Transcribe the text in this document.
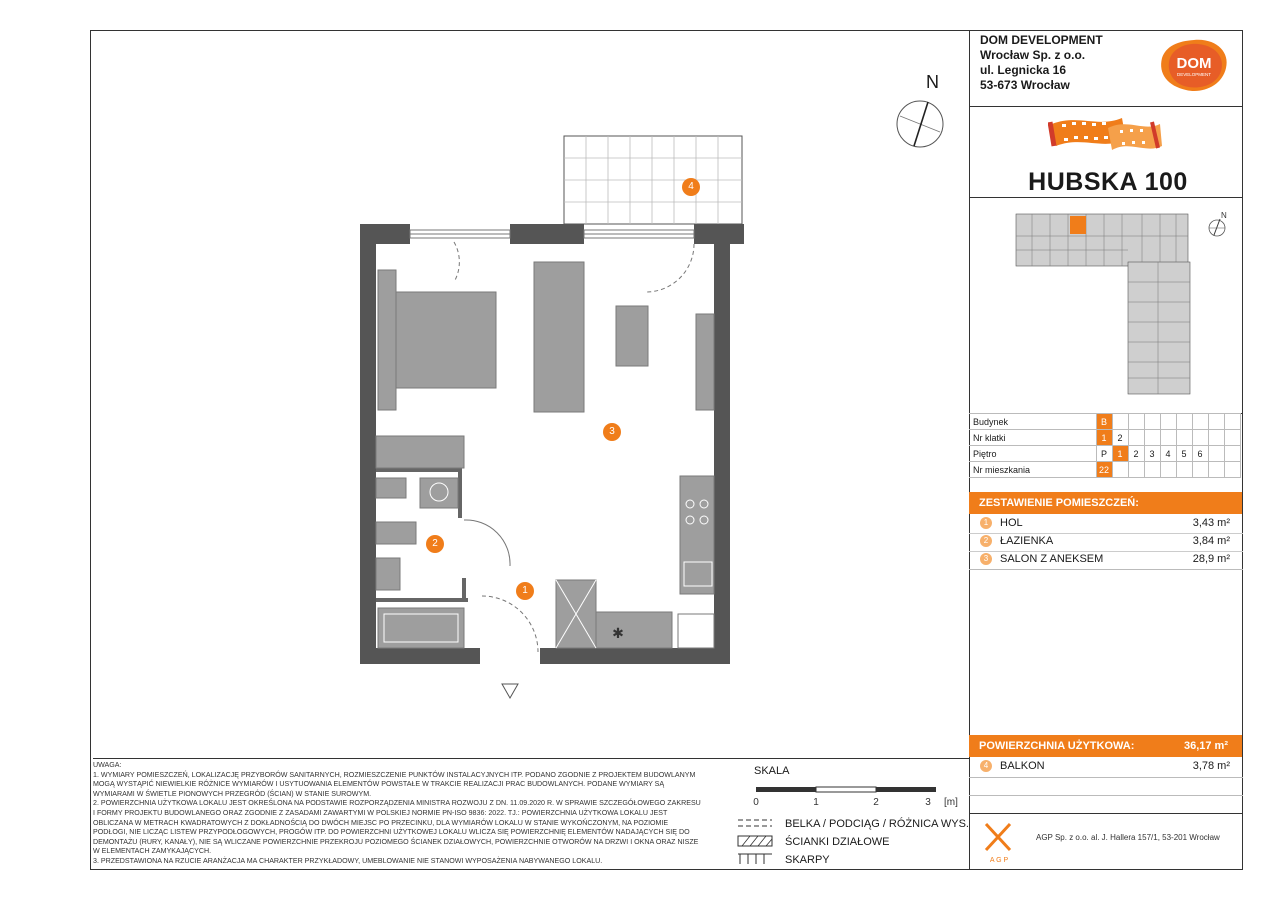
DOM DEVELOPMENT
Wrocław Sp. z o.o.
ul. Legnicka 16
53-673 Wrocław
DOM
DEVELOPMENT
HUBSKA 100
N
Budynek	B								
Nr klatki	1	2							
Piętro	P	1	2	3	4	5	6		
Nr mieszkania	22								
ZESTAWIENIE POMIESZCZEŃ:
1 HOL	3,43 m²
2 ŁAZIENKA	3,84 m²
3 SALON Z ANEKSEM	28,9 m²
POWIERZCHNIA UŻYTKOWA:	36,17 m²
4 BALKON	3,78 m²
A G P
AGP Sp. z o.o. al. J. Hallera 157/1, 53-201 Wrocław
UWAGA:
1. WYMIARY POMIESZCZEŃ, LOKALIZACJĘ PRZYBORÓW SANITARNYCH, ROZMIESZCZENIE PUNKTÓW INSTALACYJNYCH ITP. PODANO ZGODNIE Z PROJEKTEM BUDOWLANYM
MOGĄ WYSTĄPIĆ NIEWIELKIE RÓŻNICE WYMIARÓW I USYTUOWANIA ELEMENTÓW POWSTAŁE W TRAKCIE REALIZACJI PRAC BUDOWLANYCH. PODANE WYMIARY SĄ
WYMIARAMI W ŚWIETLE PIONOWYCH PRZEGRÓD (ŚCIAN) W STANIE SUROWYM.
2. POWIERZCHNIA UŻYTKOWA LOKALU JEST OKREŚLONA NA PODSTAWIE ROZPORZĄDZENIA MINISTRA ROZWOJU Z DN. 11.09.2020 R. W SPRAWIE SZCZEGÓŁOWEGO ZAKRESU
I FORMY PROJEKTU BUDOWLANEGO ORAZ ZGODNIE Z ZASADAMI ZAWARTYMI W POLSKIEJ NORMIE PN-ISO 9836: 2022. TJ.: POWIERZCHNIA UŻYTKOWA LOKALU JEST
OBLICZANA W METRACH KWADRATOWYCH Z DOKŁADNOŚCIĄ DO DWÓCH MIEJSC PO PRZECINKU, DLA WYMIARÓW LOKALU W STANIE WYKOŃCZONYM, NA POZIOMIE
PODŁOGI, NIE LICZĄC LISTEW PRZYPODŁOGOWYCH, PROGÓW ITP. DO POWIERZCHNI UŻYTKOWEJ LOKALU WLICZA SIĘ POWIERZCHNIĘ ELEMENTÓW NADAJĄCYCH SIĘ DO
DEMONTAŻU (RURY, KANAŁY), NIE SĄ WLICZANE POWIERZCHNIE PRZEKROJU POZIOMEGO ŚCIANEK DZIAŁOWYCH, POWIERZCHNIE OTWORÓW NA DRZWI I OKNA ORAZ NISZE
W ELEMENTACH ZAMYKAJĄCYCH.
3. PRZEDSTAWIONA NA RZUCIE ARANŻACJA MA CHARAKTER PRZYKŁADOWY, UMEBLOWANIE NIE STANOWI WYPOSAŻENIA NABYWANEGO LOKALU.
SKALA
0	1	2	3 [m]
BELKA / PODCIĄG / RÓŻNICA WYS.
ŚCIANKI DZIAŁOWE
SKARPY
N
✱
1
2
3
4
